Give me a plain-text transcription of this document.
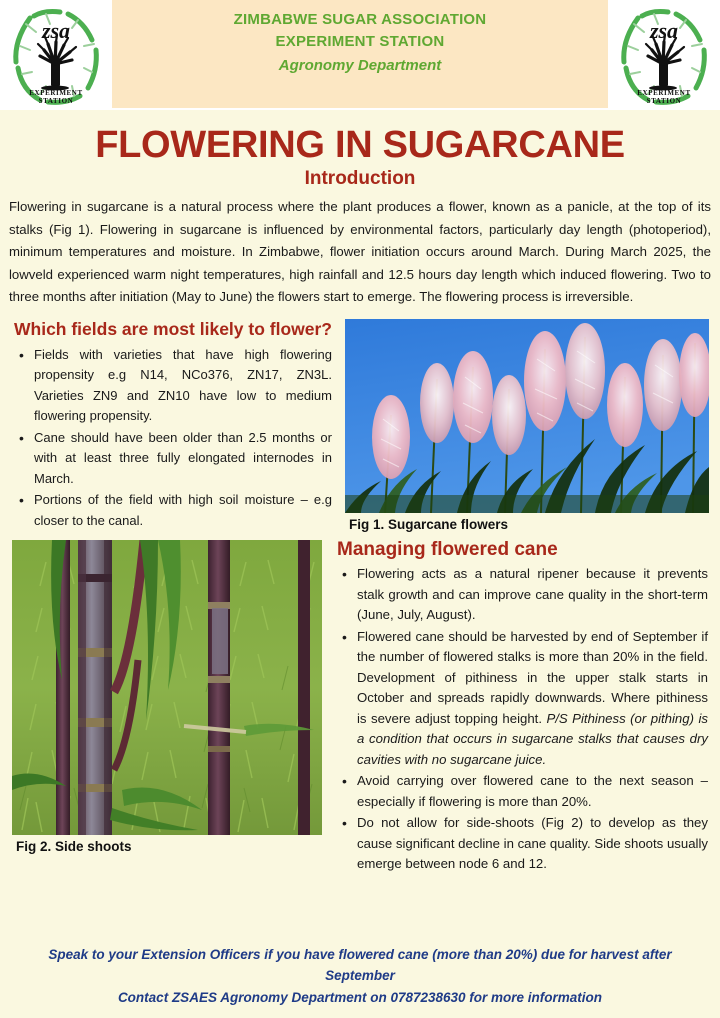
zsa
EXPERIMENT
STATION
ZIMBABWE SUGAR ASSOCIATION
EXPERIMENT STATION
Agronomy Department
zsa
EXPERIMENT
STATION
FLOWERING IN SUGARCANE
Introduction

Flowering in sugarcane is a natural process where the plant produces a flower, known as a panicle, at the top of its stalks (Fig 1). Flowering in sugarcane is influenced by environmental factors, particularly day length (photoperiod), minimum temperatures and moisture. In Zimbabwe, flower initiation occurs around March. During March 2025, the lowveld experienced warm night temperatures, high rainfall and 12.5 hours day length which induced flowering. Two to three months after initiation (May to June) the flowers start to emerge. The flowering process is irreversible.

Which fields are most likely to flower?
• Fields with varieties that have high flowering propensity e.g N14, NCo376, ZN17, ZN3L. Varieties ZN9 and ZN10 have low to medium flowering propensity.
• Cane should have been older than 2.5 months or with at least three fully elongated internodes in March.
• Portions of the field with high soil moisture – e.g closer to the canal.	Fig 1. Sugarcane flowers
Fig 2. Side shoots
Managing flowered cane
• Flowering acts as a natural ripener because it prevents stalk growth and can improve cane quality in the short-term (June, July, August).
• Flowered cane should be harvested by end of September if the number of flowered stalks is more than 20% in the field. Development of pithiness in the upper stalk starts in October and spreads rapidly downwards. Where pithiness is severe adjust topping height. P/S Pithiness (or pithing) is a condition that occurs in sugarcane stalks that causes dry cavities with no sugarcane juice.
• Avoid carrying over flowered cane to the next season – especially if flowering is more than 20%.
• Do not allow for side-shoots (Fig 2) to develop as they cause significant decline in cane quality. Side shoots usually emerge between node 6 and 12.
Speak to your Extension Officers if you have flowered cane (more than 20%) due for harvest after September
Contact ZSAES Agronomy Department on 0787238630 for more information
